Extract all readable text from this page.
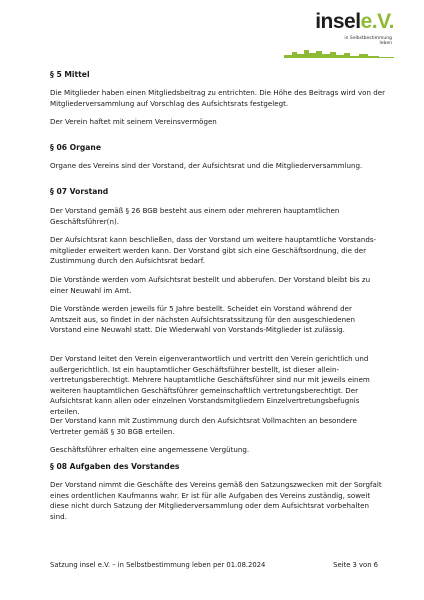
insele.V.
in Selbstbestimmung
leben

§ 5 Mittel

Die Mitglieder haben einen Mitgliedsbeitrag zu entrichten. Die Höhe des Beitrags wird von der Mitgliederversammlung auf Vorschlag des Aufsichtsrats festgelegt.

Der Verein haftet mit seinem Vereinsvermögen

§ 06 Organe

Organe des Vereins sind der Vorstand, der Aufsichtsrat und die Mitgliederversammlung.

§ 07 Vorstand

Der Vorstand gemäß § 26 BGB besteht aus einem oder mehreren hauptamtlichen Geschäftsführer(n).

Der Aufsichtsrat kann beschließen, dass der Vorstand um weitere hauptamtliche Vorstands-mitglieder erweitert werden kann. Der Vorstand gibt sich eine Geschäftsordnung, die der Zustimmung durch den Aufsichtsrat bedarf.

Die Vorstände werden vom Aufsichtsrat bestellt und abberufen. Der Vorstand bleibt bis zu einer Neuwahl im Amt.

Die Vorstände werden jeweils für 5 Jahre bestellt. Scheidet ein Vorstand während der Amtszeit aus, so findet in der nächsten Aufsichtsratssitzung für den ausgeschiedenen Vorstand eine Neuwahl statt. Die Wiederwahl von Vorstands-Mitglieder ist zulässig.

Der Vorstand leitet den Verein eigenverantwortlich und vertritt den Verein gerichtlich und außergerichtlich. Ist ein hauptamtlicher Geschäftsführer bestellt, ist dieser allein-vertretungsberechtigt. Mehrere hauptamtliche Geschäftsführer sind nur mit jeweils einem weiteren hauptamtlichen Geschäftsführer gemeinschaftlich vertretungsberechtigt. Der Aufsichtsrat kann allen oder einzelnen Vorstandsmitgliedern Einzelvertretungsbefugnis erteilen.

Der Vorstand kann mit Zustimmung durch den Aufsichtsrat Vollmachten an besondere Vertreter gemäß § 30 BGB erteilen.

Geschäftsführer erhalten eine angemessene Vergütung.

§ 08 Aufgaben des Vorstandes

Der Vorstand nimmt die Geschäfte des Vereins gemäß den Satzungszwecken mit der Sorgfalt eines ordentlichen Kaufmanns wahr. Er ist für alle Aufgaben des Vereins zuständig, soweit diese nicht durch Satzung der Mitgliederversammlung oder dem Aufsichtsrat vorbehalten sind.

Satzung insel e.V. – in Selbstbestimmung leben per 01.08.2024	Seite 3 von 6
